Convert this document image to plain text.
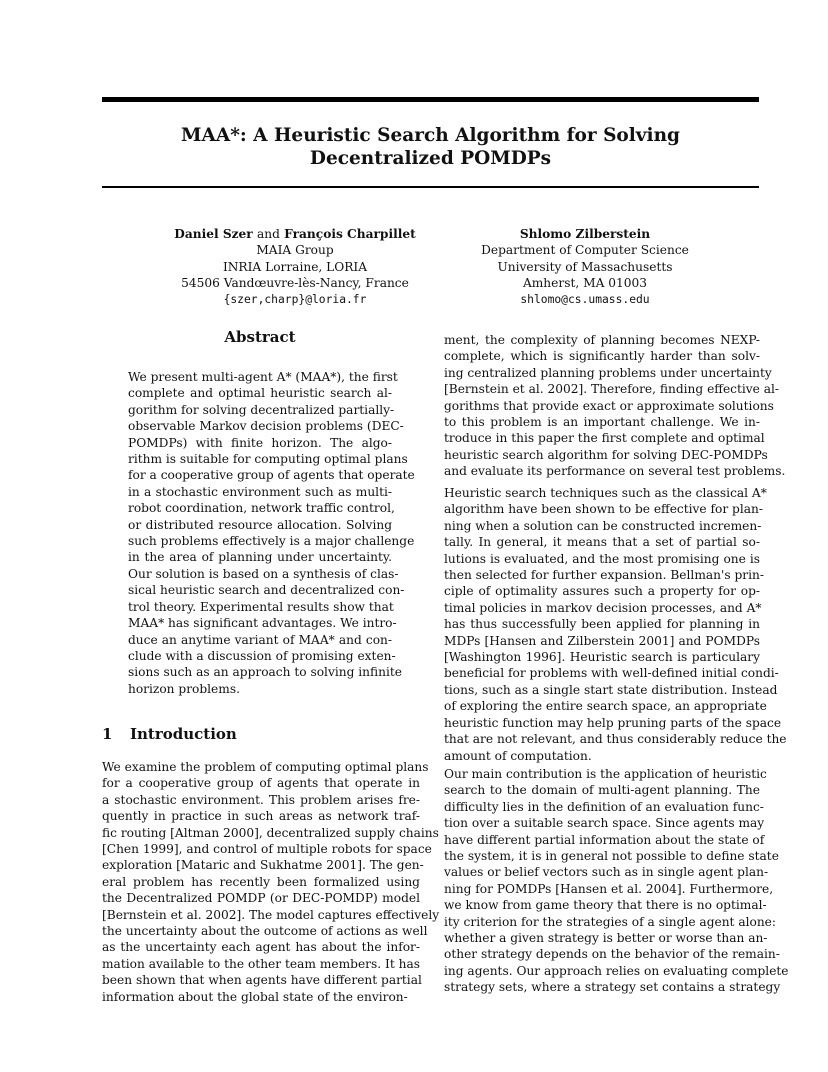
MAA*: A Heuristic Search Algorithm for Solving
Decentralized POMDPs
Daniel Szer and François Charpillet
MAIA Group
INRIA Lorraine, LORIA
54506 Vandœuvre-lès-Nancy, France
{szer,charp}@loria.fr
Shlomo Zilberstein
Department of Computer Science
University of Massachusetts
Amherst, MA 01003
shlomo@cs.umass.edu
Abstract
We present multi-agent A* (MAA*), the first
complete and optimal heuristic search al-
gorithm for solving decentralized partially-
observable Markov decision problems (DEC-
POMDPs) with finite horizon. The algo-
rithm is suitable for computing optimal plans
for a cooperative group of agents that operate
in a stochastic environment such as multi-
robot coordination, network traffic control,
or distributed resource allocation. Solving
such problems effectively is a major challenge
in the area of planning under uncertainty.
Our solution is based on a synthesis of clas-
sical heuristic search and decentralized con-
trol theory. Experimental results show that
MAA* has significant advantages. We intro-
duce an anytime variant of MAA* and con-
clude with a discussion of promising exten-
sions such as an approach to solving infinite
horizon problems.
1 Introduction
We examine the problem of computing optimal plans
for a cooperative group of agents that operate in
a stochastic environment. This problem arises fre-
quently in practice in such areas as network traf-
fic routing [Altman 2000], decentralized supply chains
[Chen 1999], and control of multiple robots for space
exploration [Mataric and Sukhatme 2001]. The gen-
eral problem has recently been formalized using
the Decentralized POMDP (or DEC-POMDP) model
[Bernstein et al. 2002]. The model captures effectively
the uncertainty about the outcome of actions as well
as the uncertainty each agent has about the infor-
mation available to the other team members. It has
been shown that when agents have different partial
information about the global state of the environ-
ment, the complexity of planning becomes NEXP-
complete, which is significantly harder than solv-
ing centralized planning problems under uncertainty
[Bernstein et al. 2002]. Therefore, finding effective al-
gorithms that provide exact or approximate solutions
to this problem is an important challenge. We in-
troduce in this paper the first complete and optimal
heuristic search algorithm for solving DEC-POMDPs
and evaluate its performance on several test problems.
Heuristic search techniques such as the classical A*
algorithm have been shown to be effective for plan-
ning when a solution can be constructed incremen-
tally. In general, it means that a set of partial so-
lutions is evaluated, and the most promising one is
then selected for further expansion. Bellman's prin-
ciple of optimality assures such a property for op-
timal policies in markov decision processes, and A*
has thus successfully been applied for planning in
MDPs [Hansen and Zilberstein 2001] and POMDPs
[Washington 1996]. Heuristic search is particulary
beneficial for problems with well-defined initial condi-
tions, such as a single start state distribution. Instead
of exploring the entire search space, an appropriate
heuristic function may help pruning parts of the space
that are not relevant, and thus considerably reduce the
amount of computation.
Our main contribution is the application of heuristic
search to the domain of multi-agent planning. The
difficulty lies in the definition of an evaluation func-
tion over a suitable search space. Since agents may
have different partial information about the state of
the system, it is in general not possible to define state
values or belief vectors such as in single agent plan-
ning for POMDPs [Hansen et al. 2004]. Furthermore,
we know from game theory that there is no optimal-
ity criterion for the strategies of a single agent alone:
whether a given strategy is better or worse than an-
other strategy depends on the behavior of the remain-
ing agents. Our approach relies on evaluating complete
strategy sets, where a strategy set contains a strategy
